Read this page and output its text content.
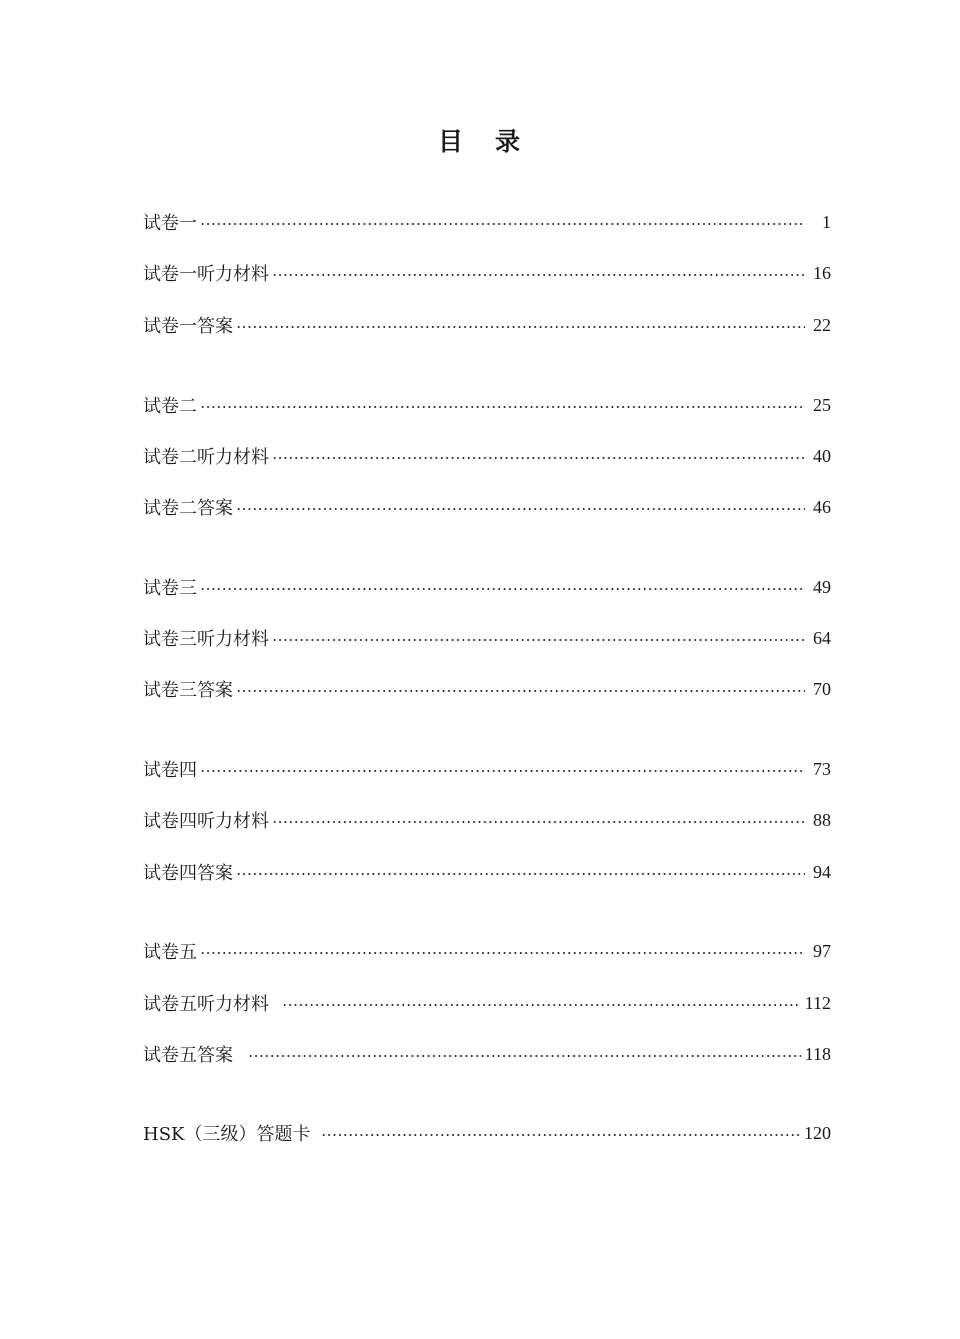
目 录
试卷一	1
试卷一听力材料	16
试卷一答案	22
试卷二	25
试卷二听力材料	40
试卷二答案	46
试卷三	49
试卷三听力材料	64
试卷三答案	70
试卷四	73
试卷四听力材料	88
试卷四答案	94
试卷五	97
试卷五听力材料	112
试卷五答案	118
HSK（三级）答题卡	120
